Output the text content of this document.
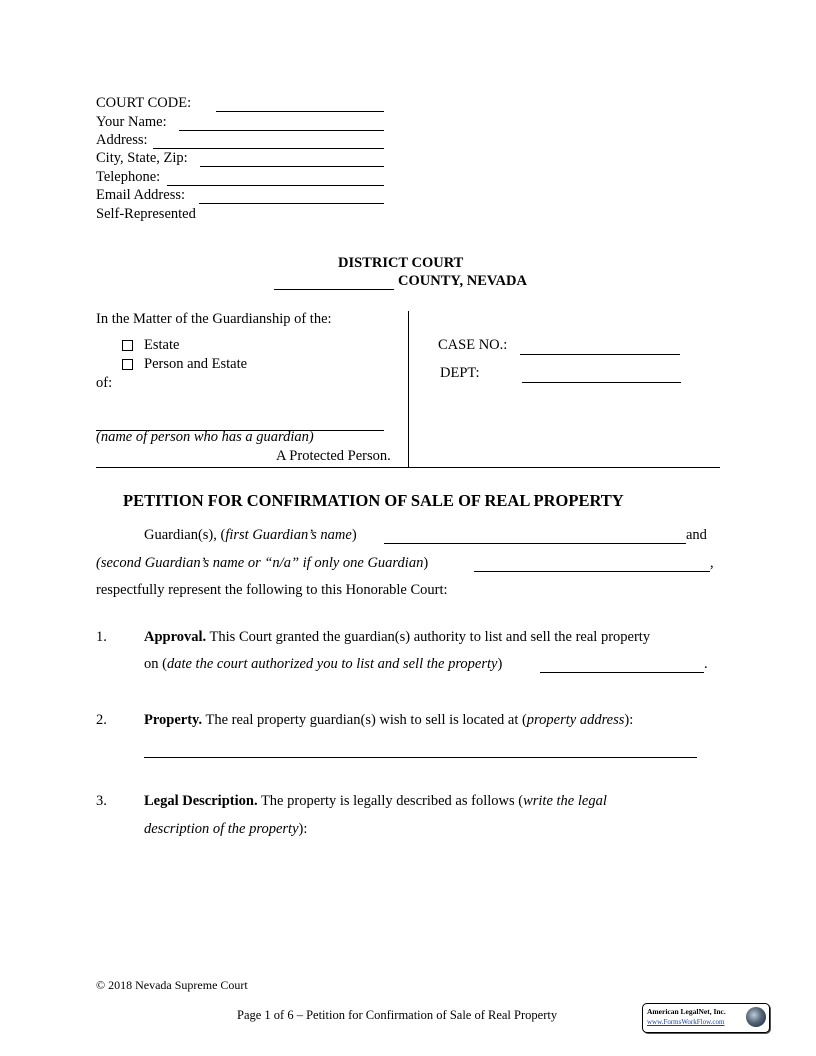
COURT CODE:
Your Name:
Address:
City, State, Zip:
Telephone:
Email Address:
Self-Represented
DISTRICT COURT
COUNTY, NEVADA
In the Matter of the Guardianship of the:
Estate
Person and Estate
of:
(name of person who has a guardian)
A Protected Person.
CASE NO.:
DEPT:
PETITION FOR CONFIRMATION OF SALE OF REAL PROPERTY
Guardian(s), (first Guardian’s name)	and
(second Guardian’s name or “n/a” if only one Guardian)	,
respectfully represent the following to this Honorable Court:
1.	Approval. This Court granted the guardian(s) authority to list and sell the real property
on (date the court authorized you to list and sell the property)	.
2.	Property. The real property guardian(s) wish to sell is located at (property address):
3.	Legal Description. The property is legally described as follows (write the legal
description of the property):
© 2018 Nevada Supreme Court
Page 1 of 6 – Petition for Confirmation of Sale of Real Property	American LegalNet, Inc.
www.FormsWorkFlow.com
